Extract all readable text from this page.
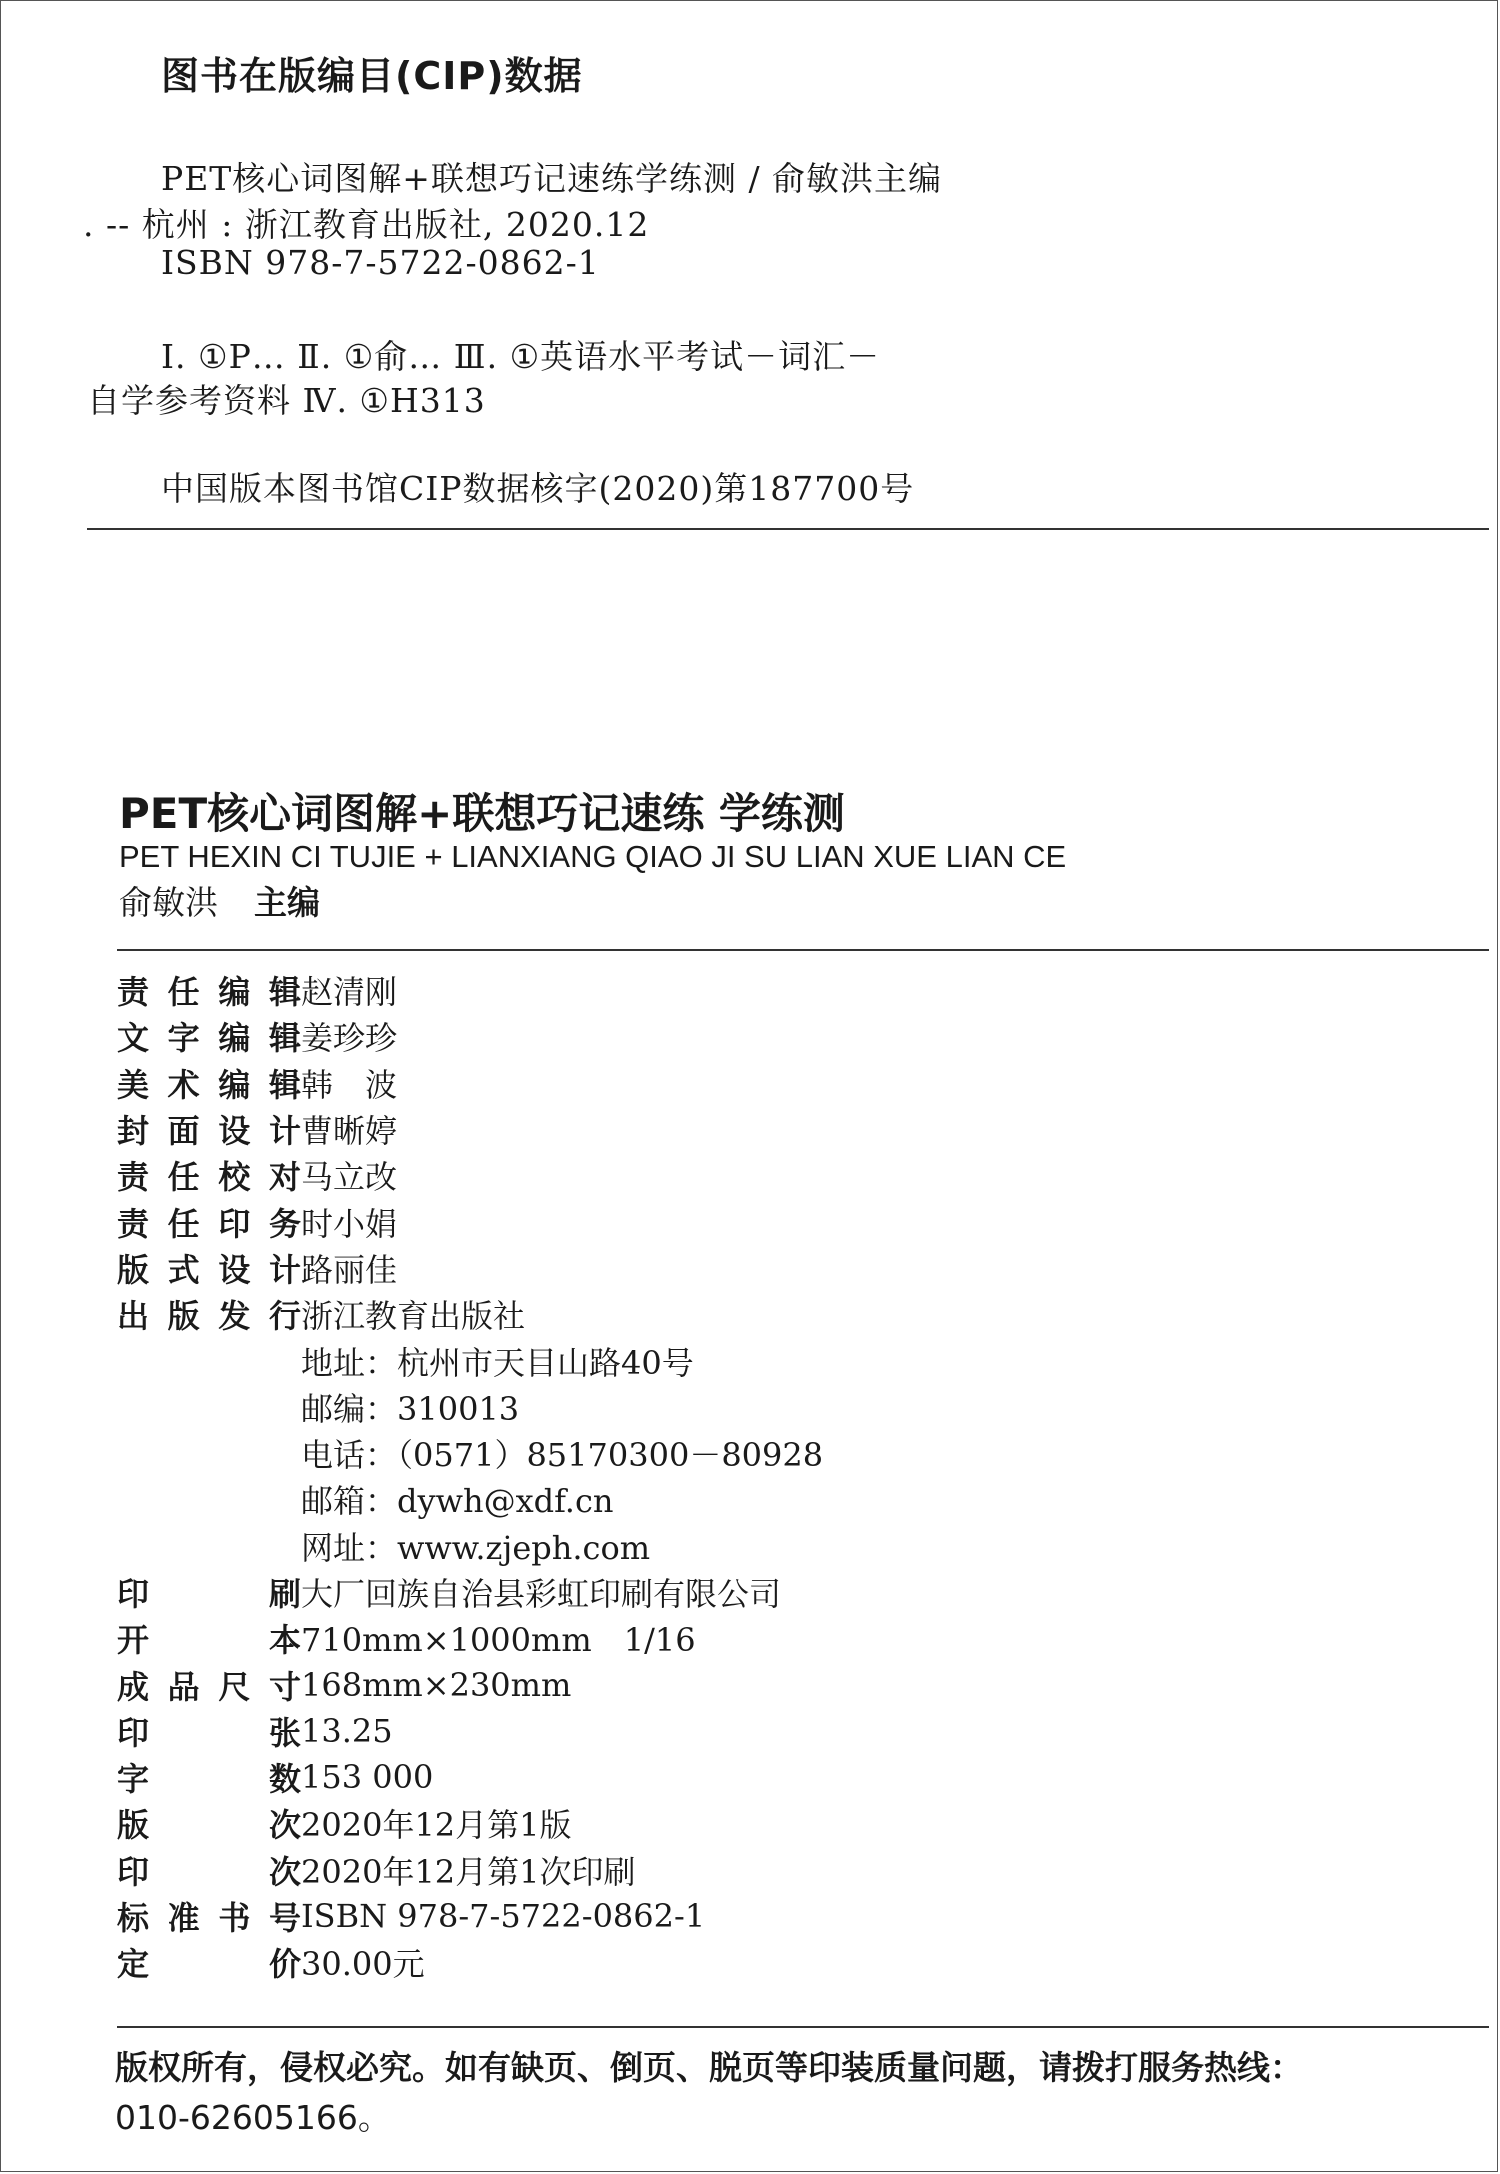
图书在版编目(CIP)数据
PET核心词图解+联想巧记速练学练测 / 俞敏洪主编
. -- 杭州 : 浙江教育出版社, 2020.12
ISBN 978-7-5722-0862-1
Ⅰ. ①P… Ⅱ. ①俞… Ⅲ. ①英语水平考试－词汇－
自学参考资料 Ⅳ. ①H313
中国版本图书馆CIP数据核字(2020)第187700号
PET核心词图解+联想巧记速练 学练测
PET HEXIN CI TUJIE + LIANXIANG QIAO JI SU LIAN XUE LIAN CE
俞敏洪 主编
责任编辑	赵清刚
文字编辑	姜珍珍
美术编辑	韩　波
封面设计	曹晰婷
责任校对	马立改
责任印务	时小娟
版式设计	路丽佳
出版发行	浙江教育出版社
	地址：杭州市天目山路40号
	邮编：310013
	电话：（0571）85170300－80928
	邮箱：dywh@xdf.cn
	网址：www.zjeph.com
印　刷	大厂回族自治县彩虹印刷有限公司
开　本	710mm×1000mm　1/16
成品尺寸	168mm×230mm
印　张	13.25
字　数	153 000
版　次	2020年12月第1版
印　次	2020年12月第1次印刷
标准书号	ISBN 978-7-5722-0862-1
定　价	30.00元
版权所有，侵权必究。如有缺页、倒页、脱页等印装质量问题，请拨打服务热线：
010-62605166。
